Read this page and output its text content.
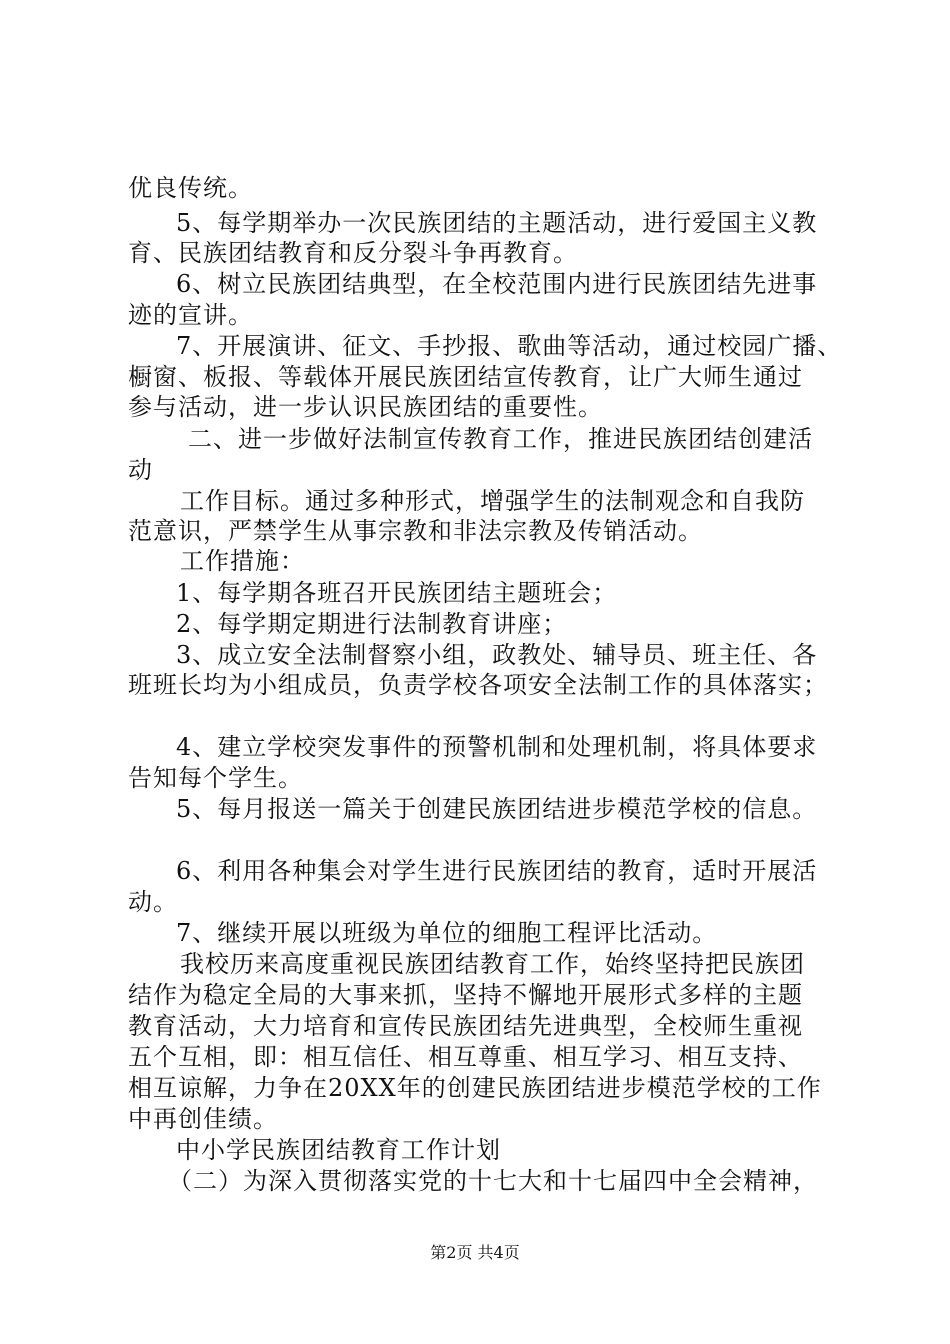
优良传统。
5、每学期举办一次民族团结的主题活动，进行爱国主义教
育、民族团结教育和反分裂斗争再教育。
6、树立民族团结典型，在全校范围内进行民族团结先进事
迹的宣讲。
7、开展演讲、征文、手抄报、歌曲等活动，通过校园广播、
橱窗、板报、等载体开展民族团结宣传教育，让广大师生通过
参与活动，进一步认识民族团结的重要性。
二、进一步做好法制宣传教育工作，推进民族团结创建活
动
工作目标。通过多种形式，增强学生的法制观念和自我防
范意识，严禁学生从事宗教和非法宗教及传销活动。
工作措施：
1、每学期各班召开民族团结主题班会；
2、每学期定期进行法制教育讲座；
3、成立安全法制督察小组，政教处、辅导员、班主任、各
班班长均为小组成员，负责学校各项安全法制工作的具体落实；
4、建立学校突发事件的预警机制和处理机制，将具体要求
告知每个学生。
5、每月报送一篇关于创建民族团结进步模范学校的信息。
6、利用各种集会对学生进行民族团结的教育，适时开展活
动。
7、继续开展以班级为单位的细胞工程评比活动。
我校历来高度重视民族团结教育工作，始终坚持把民族团
结作为稳定全局的大事来抓，坚持不懈地开展形式多样的主题
教育活动，大力培育和宣传民族团结先进典型，全校师生重视
五个互相，即：相互信任、相互尊重、相互学习、相互支持、
相互谅解，力争在20XX年的创建民族团结进步模范学校的工作
中再创佳绩。
中小学民族团结教育工作计划
（二）为深入贯彻落实党的十七大和十七届四中全会精神，
第2页 共4页
